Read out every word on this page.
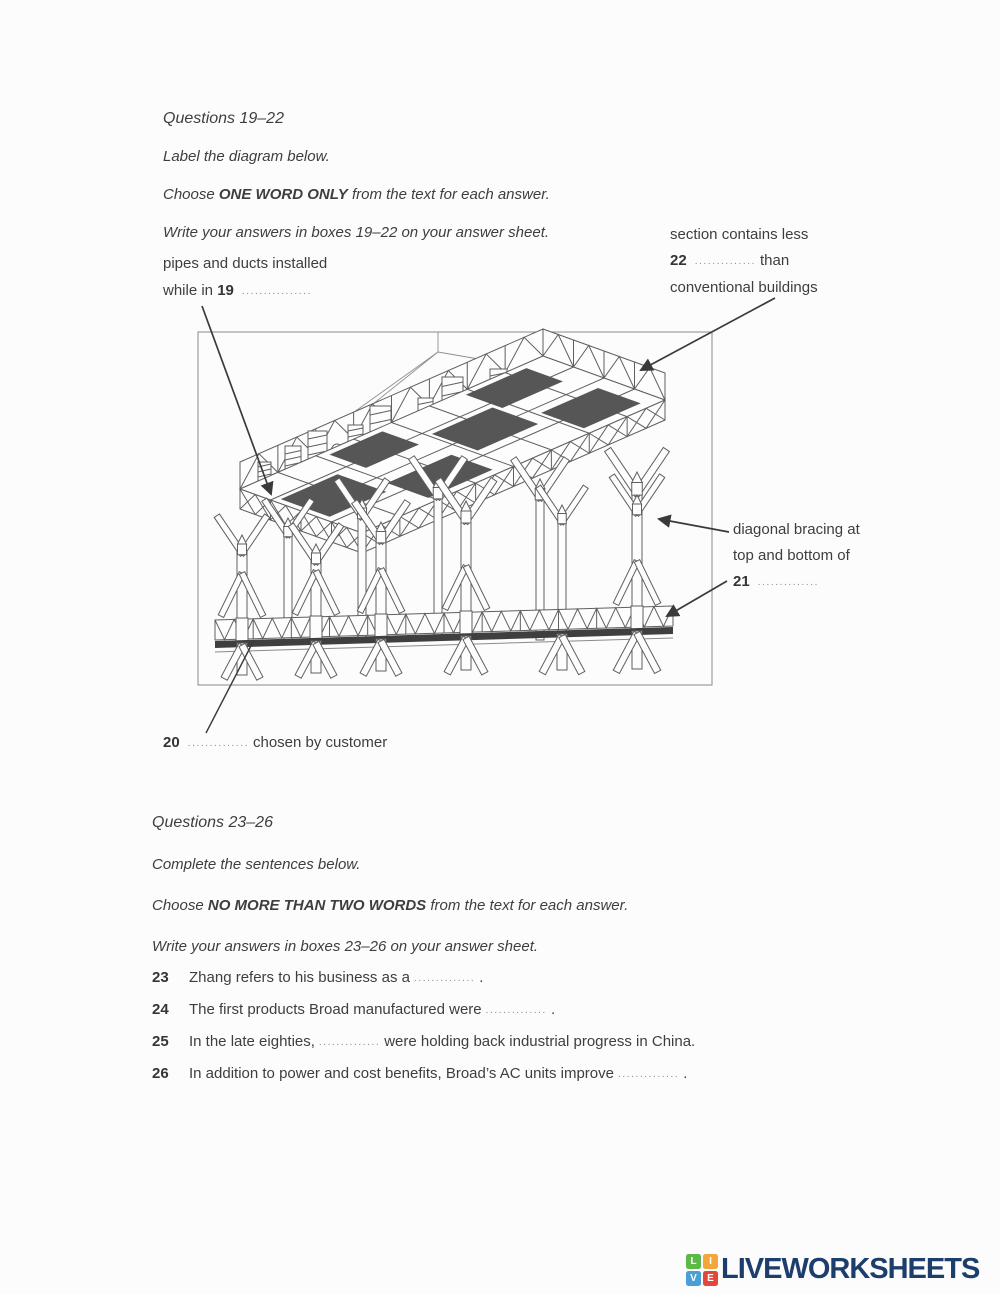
Questions 19–22
Label the diagram below.
Choose ONE WORD ONLY from the text for each answer.
Write your answers in boxes 19–22 on your answer sheet.
pipes and ducts installed
while in 19 ................
section contains less
22 .............. than
conventional buildings
diagonal bracing at
top and bottom of
21 ..............
20 .............. chosen by customer
Questions 23–26
Complete the sentences below.
Choose NO MORE THAN TWO WORDS from the text for each answer.
Write your answers in boxes 23–26 on your answer sheet.
23 Zhang refers to his business as a .............. .
24 The first products Broad manufactured were .............. .
25 In the late eighties, .............. were holding back industrial progress in China.
26 In addition to power and cost benefits, Broad’s AC units improve .............. .
L	I
V	E LIVEWORKSHEETS
